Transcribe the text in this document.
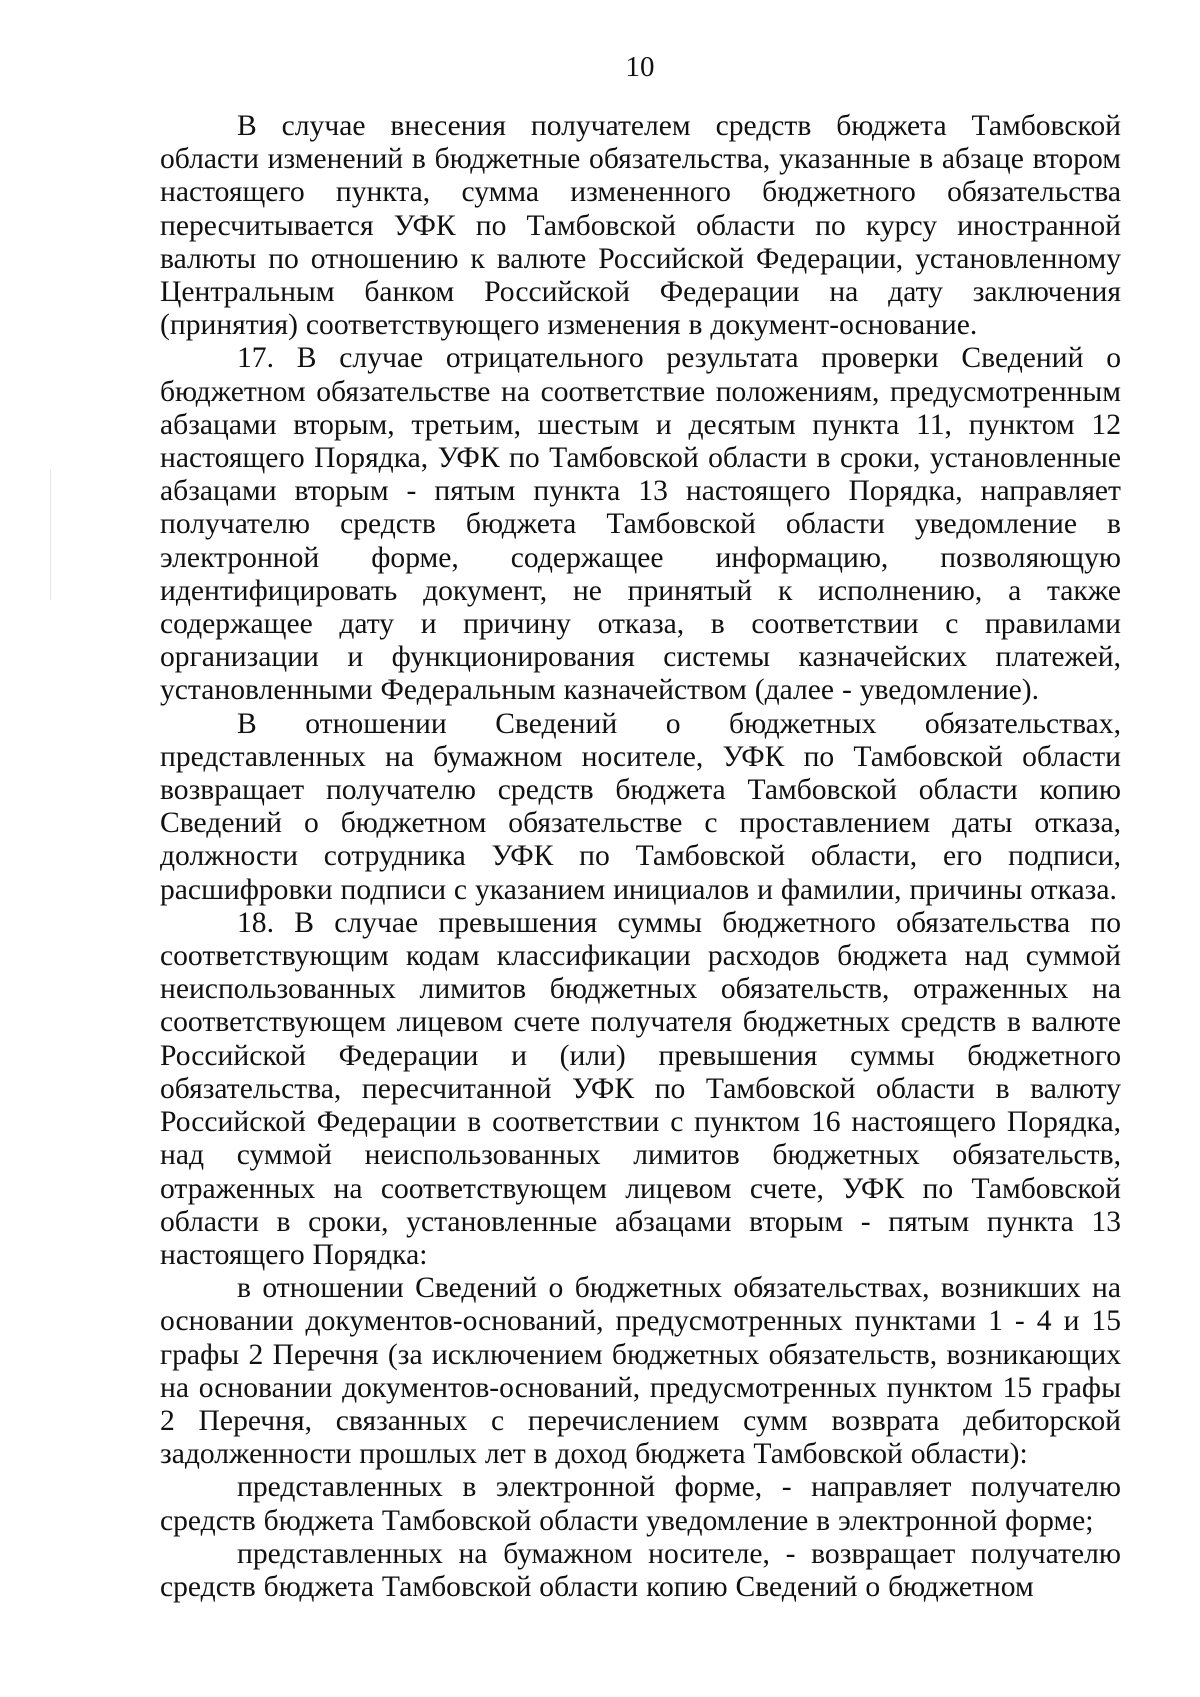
10

В случае внесения получателем средств бюджета Тамбовской области изменений в бюджетные обязательства, указанные в абзаце втором настоящего пункта, сумма измененного бюджетного обязательства пересчитывается УФК по Тамбовской области по курсу иностранной валюты по отношению к валюте Российской Федерации, установленному Центральным банком Российской Федерации на дату заключения (принятия) соответствующего изменения в документ-основание.

17. В случае отрицательного результата проверки Сведений о бюджетном обязательстве на соответствие положениям, предусмотренным абзацами вторым, третьим, шестым и десятым пункта 11, пунктом 12 настоящего Порядка, УФК по Тамбовской области в сроки, установленные абзацами вторым - пятым пункта 13 настоящего Порядка, направляет получателю средств бюджета Тамбовской области уведомление в электронной форме, содержащее информацию, позволяющую идентифицировать документ, не принятый к исполнению, а также содержащее дату и причину отказа, в соответствии с правилами организации и функционирования системы казначейских платежей, установленными Федеральным казначейством (далее - уведомление).

В отношении Сведений о бюджетных обязательствах, представленных на бумажном носителе, УФК по Тамбовской области возвращает получателю средств бюджета Тамбовской области копию Сведений о бюджетном обязательстве с проставлением даты отказа, должности сотрудника УФК по Тамбовской области, его подписи, расшифровки подписи с указанием инициалов и фамилии, причины отказа.

18. В случае превышения суммы бюджетного обязательства по соответствующим кодам классификации расходов бюджета над суммой неиспользованных лимитов бюджетных обязательств, отраженных на соответствующем лицевом счете получателя бюджетных средств в валюте Российской Федерации и (или) превышения суммы бюджетного обязательства, пересчитанной УФК по Тамбовской области в валюту Российской Федерации в соответствии с пунктом 16 настоящего Порядка, над суммой неиспользованных лимитов бюджетных обязательств, отраженных на соответствующем лицевом счете, УФК по Тамбовской области в сроки, установленные абзацами вторым - пятым пункта 13 настоящего Порядка:

в отношении Сведений о бюджетных обязательствах, возникших на основании документов-оснований, предусмотренных пунктами 1 - 4 и 15 графы 2 Перечня (за исключением бюджетных обязательств, возникающих на основании документов-оснований, предусмотренных пунктом 15 графы 2 Перечня, связанных с перечислением сумм возврата дебиторской задолженности прошлых лет в доход бюджета Тамбовской области):

представленных в электронной форме, - направляет получателю средств бюджета Тамбовской области уведомление в электронной форме;

представленных на бумажном носителе, - возвращает получателю средств бюджета Тамбовской области копию Сведений о бюджетном
